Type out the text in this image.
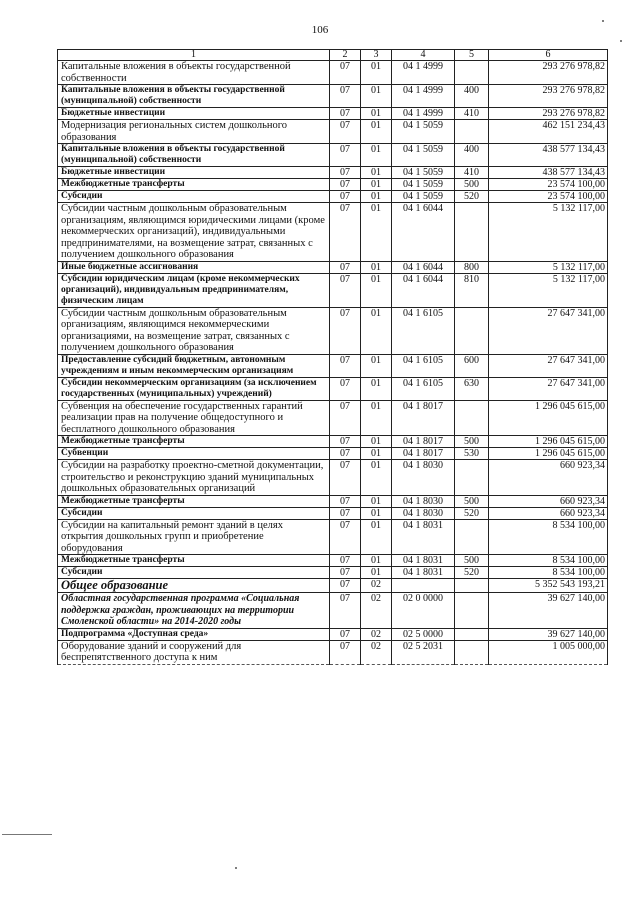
106
1	2	3	4	5	6
Капитальные вложения в объекты государственной собственности	07	01	04 1 4999		293 276 978,82
Капитальные вложения в объекты государственной (муниципальной) собственности	07	01	04 1 4999	400	293 276 978,82
Бюджетные инвестиции	07	01	04 1 4999	410	293 276 978,82
Модернизация региональных систем дошкольного образования	07	01	04 1 5059		462 151 234,43
Капитальные вложения в объекты государственной (муниципальной) собственности	07	01	04 1 5059	400	438 577 134,43
Бюджетные инвестиции	07	01	04 1 5059	410	438 577 134,43
Межбюджетные трансферты	07	01	04 1 5059	500	23 574 100,00
Субсидии	07	01	04 1 5059	520	23 574 100,00
Субсидии частным дошкольным образовательным организациям, являющимся юридическими лицами (кроме некоммерческих организаций), индивидуальными предпринимателями, на возмещение затрат, связанных с получением дошкольного образования	07	01	04 1 6044		5 132 117,00
Иные бюджетные ассигнования	07	01	04 1 6044	800	5 132 117,00
Субсидии юридическим лицам (кроме некоммерческих организаций), индивидуальным предпринимателям, физическим лицам	07	01	04 1 6044	810	5 132 117,00
Субсидии частным дошкольным образовательным организациям, являющимся некоммерческими организациями, на возмещение затрат, связанных с получением дошкольного образования	07	01	04 1 6105		27 647 341,00
Предоставление субсидий бюджетным, автономным учреждениям и иным некоммерческим организациям	07	01	04 1 6105	600	27 647 341,00
Субсидии некоммерческим организациям (за исключением государственных (муниципальных) учреждений)	07	01	04 1 6105	630	27 647 341,00
Субвенция на обеспечение государственных гарантий реализации прав на получение общедоступного и бесплатного дошкольного образования	07	01	04 1 8017		1 296 045 615,00
Межбюджетные трансферты	07	01	04 1 8017	500	1 296 045 615,00
Субвенции	07	01	04 1 8017	530	1 296 045 615,00
Субсидии на разработку проектно-сметной документации, строительство и реконструкцию зданий муниципальных дошкольных образовательных организаций	07	01	04 1 8030		660 923,34
Межбюджетные трансферты	07	01	04 1 8030	500	660 923,34
Субсидии	07	01	04 1 8030	520	660 923,34
Субсидии на капитальный ремонт зданий в целях открытия дошкольных групп и приобретение оборудования	07	01	04 1 8031		8 534 100,00
Межбюджетные трансферты	07	01	04 1 8031	500	8 534 100,00
Субсидии	07	01	04 1 8031	520	8 534 100,00
Общее образование	07	02			5 352 543 193,21
Областная государственная программа «Социальная поддержка граждан, проживающих на территории Смоленской области» на 2014-2020 годы	07	02	02 0 0000		39 627 140,00
Подпрограмма «Доступная среда»	07	02	02 5 0000		39 627 140,00
Оборудование зданий и сооружений для беспрепятственного доступа к ним	07	02	02 5 2031		1 005 000,00
